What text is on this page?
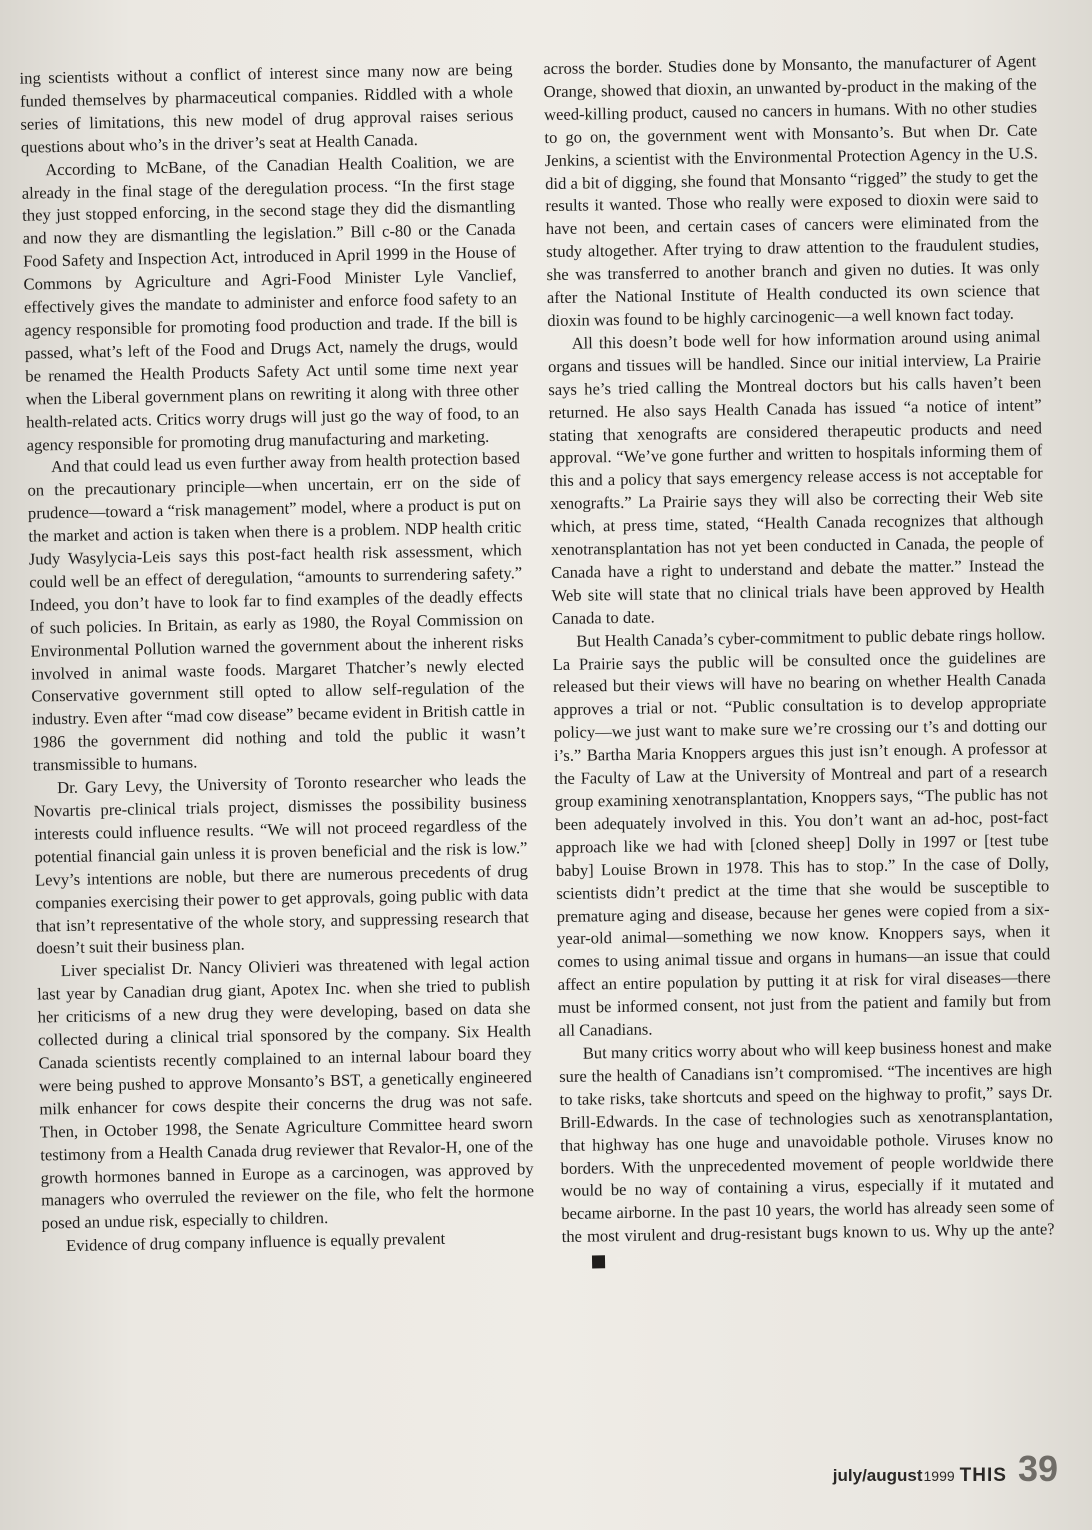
ing scientists without a conflict of interest since many now are being funded themselves by pharmaceutical companies. Riddled with a whole series of limitations, this new model of drug approval raises serious questions about who’s in the driver’s seat at Health Canada.

According to McBane, of the Canadian Health Coalition, we are already in the final stage of the deregulation process. “In the first stage they just stopped enforcing, in the second stage they did the dismantling and now they are dismantling the legislation.” Bill c-80 or the Canada Food Safety and Inspection Act, introduced in April 1999 in the House of Commons by Agriculture and Agri-Food Minister Lyle Vanclief, effectively gives the mandate to administer and enforce food safety to an agency responsible for promoting food production and trade. If the bill is passed, what’s left of the Food and Drugs Act, namely the drugs, would be renamed the Health Products Safety Act until some time next year when the Liberal government plans on rewriting it along with three other health-related acts. Critics worry drugs will just go the way of food, to an agency responsible for promoting drug manufacturing and marketing.

And that could lead us even further away from health protection based on the precautionary principle—when uncertain, err on the side of prudence—toward a “risk management” model, where a product is put on the market and action is taken when there is a problem. NDP health critic Judy Wasylycia-Leis says this post-fact health risk assessment, which could well be an effect of deregulation, “amounts to surrendering safety.” Indeed, you don’t have to look far to find examples of the deadly effects of such policies. In Britain, as early as 1980, the Royal Commission on Environmental Pollution warned the government about the inherent risks involved in animal waste foods. Margaret Thatcher’s newly elected Conservative government still opted to allow self-regulation of the industry. Even after “mad cow disease” became evident in British cattle in 1986 the government did nothing and told the public it wasn’t transmissible to humans.

Dr. Gary Levy, the University of Toronto researcher who leads the Novartis pre-clinical trials project, dismisses the possibility business interests could influence results. “We will not proceed regardless of the potential financial gain unless it is proven beneficial and the risk is low.” Levy’s intentions are noble, but there are numerous precedents of drug companies exercising their power to get approvals, going public with data that isn’t representative of the whole story, and suppressing research that doesn’t suit their business plan.

Liver specialist Dr. Nancy Olivieri was threatened with legal action last year by Canadian drug giant, Apotex Inc. when she tried to publish her criticisms of a new drug they were developing, based on data she collected during a clinical trial sponsored by the company. Six Health Canada scientists recently complained to an internal labour board they were being pushed to approve Monsanto’s BST, a genetically engineered milk enhancer for cows despite their concerns the drug was not safe. Then, in October 1998, the Senate Agriculture Committee heard sworn testimony from a Health Canada drug reviewer that Revalor-H, one of the growth hormones banned in Europe as a carcinogen, was approved by managers who overruled the reviewer on the file, who felt the hormone posed an undue risk, especially to children.

Evidence of drug company influence is equally prevalent

across the border. Studies done by Monsanto, the manufacturer of Agent Orange, showed that dioxin, an unwanted by-product in the making of the weed-killing product, caused no cancers in humans. With no other studies to go on, the government went with Monsanto’s. But when Dr. Cate Jenkins, a scientist with the Environmental Protection Agency in the U.S. did a bit of digging, she found that Monsanto “rigged” the study to get the results it wanted. Those who really were exposed to dioxin were said to have not been, and certain cases of cancers were eliminated from the study altogether. After trying to draw attention to the fraudulent studies, she was transferred to another branch and given no duties. It was only after the National Institute of Health conducted its own science that dioxin was found to be highly carcinogenic—a well known fact today.

All this doesn’t bode well for how information around using animal organs and tissues will be handled. Since our initial interview, La Prairie says he’s tried calling the Montreal doctors but his calls haven’t been returned. He also says Health Canada has issued “a notice of intent” stating that xenografts are considered therapeutic products and need approval. “We’ve gone further and written to hospitals informing them of this and a policy that says emergency release access is not acceptable for xenografts.” La Prairie says they will also be correcting their Web site which, at press time, stated, “Health Canada recognizes that although xenotransplantation has not yet been conducted in Canada, the people of Canada have a right to understand and debate the matter.” Instead the Web site will state that no clinical trials have been approved by Health Canada to date.

But Health Canada’s cyber-commitment to public debate rings hollow. La Prairie says the public will be consulted once the guidelines are released but their views will have no bearing on whether Health Canada approves a trial or not. “Public consultation is to develop appropriate policy—we just want to make sure we’re crossing our t’s and dotting our i’s.” Bartha Maria Knoppers argues this just isn’t enough. A professor at the Faculty of Law at the University of Montreal and part of a research group examining xenotransplantation, Knoppers says, “The public has not been adequately involved in this. You don’t want an ad-hoc, post-fact approach like we had with [cloned sheep] Dolly in 1997 or [test tube baby] Louise Brown in 1978. This has to stop.” In the case of Dolly, scientists didn’t predict at the time that she would be susceptible to premature aging and disease, because her genes were copied from a six-year-old animal—something we now know. Knoppers says, when it comes to using animal tissue and organs in humans—an issue that could affect an entire population by putting it at risk for viral diseases—there must be informed consent, not just from the patient and family but from all Canadians.

But many critics worry about who will keep business honest and make sure the health of Canadians isn’t compromised. “The incentives are high to take risks, take shortcuts and speed on the highway to profit,” says Dr. Brill-Edwards. In the case of technologies such as xenotransplantation, that highway has one huge and unavoidable pothole. Viruses know no borders. With the unprecedented movement of people worldwide there would be no way of containing a virus, especially if it mutated and became airborne. In the past 10 years, the world has already seen some of the most virulent and drug-resistant bugs known to us. Why up the ante?T

july/august 1999 THIS 39
